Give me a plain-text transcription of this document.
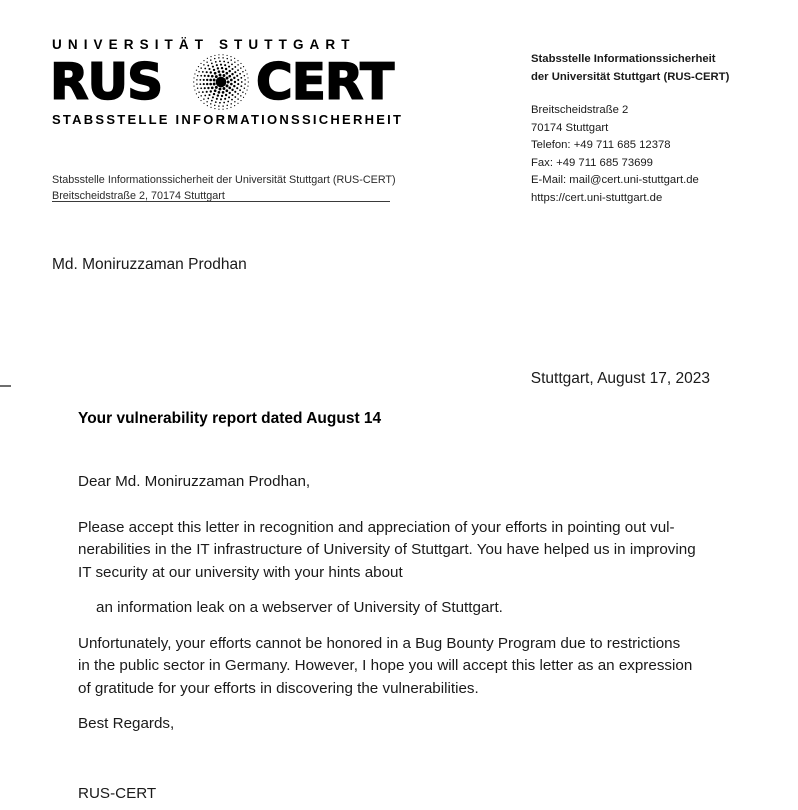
UNIVERSITÄT STUTTGART
RUS CERT
STABSSTELLE INFORMATIONSSICHERHEIT
Stabsstelle Informationssicherheit
der Universität Stuttgart (RUS-CERT)
Breitscheidstraße 2
70174 Stuttgart
Telefon: +49 711 685 12378
Fax: +49 711 685 73699
E-Mail: mail@cert.uni-stuttgart.de
https://cert.uni-stuttgart.de
Stabsstelle Informationssicherheit der Universität Stuttgart (RUS-CERT)
Breitscheidstraße 2, 70174 Stuttgart
Md. Moniruzzaman Prodhan
Stuttgart, August 17, 2023
Your vulnerability report dated August 14
Dear Md. Moniruzzaman Prodhan,
Please accept this letter in recognition and appreciation of your efforts in pointing out vul-
nerabilities in the IT infrastructure of University of Stuttgart. You have helped us in improving
IT security at our university with your hints about
an information leak on a webserver of University of Stuttgart.
Unfortunately, your efforts cannot be honored in a Bug Bounty Program due to restrictions
in the public sector in Germany. However, I hope you will accept this letter as an expression
of gratitude for your efforts in discovering the vulnerabilities.
Best Regards,
RUS-CERT
